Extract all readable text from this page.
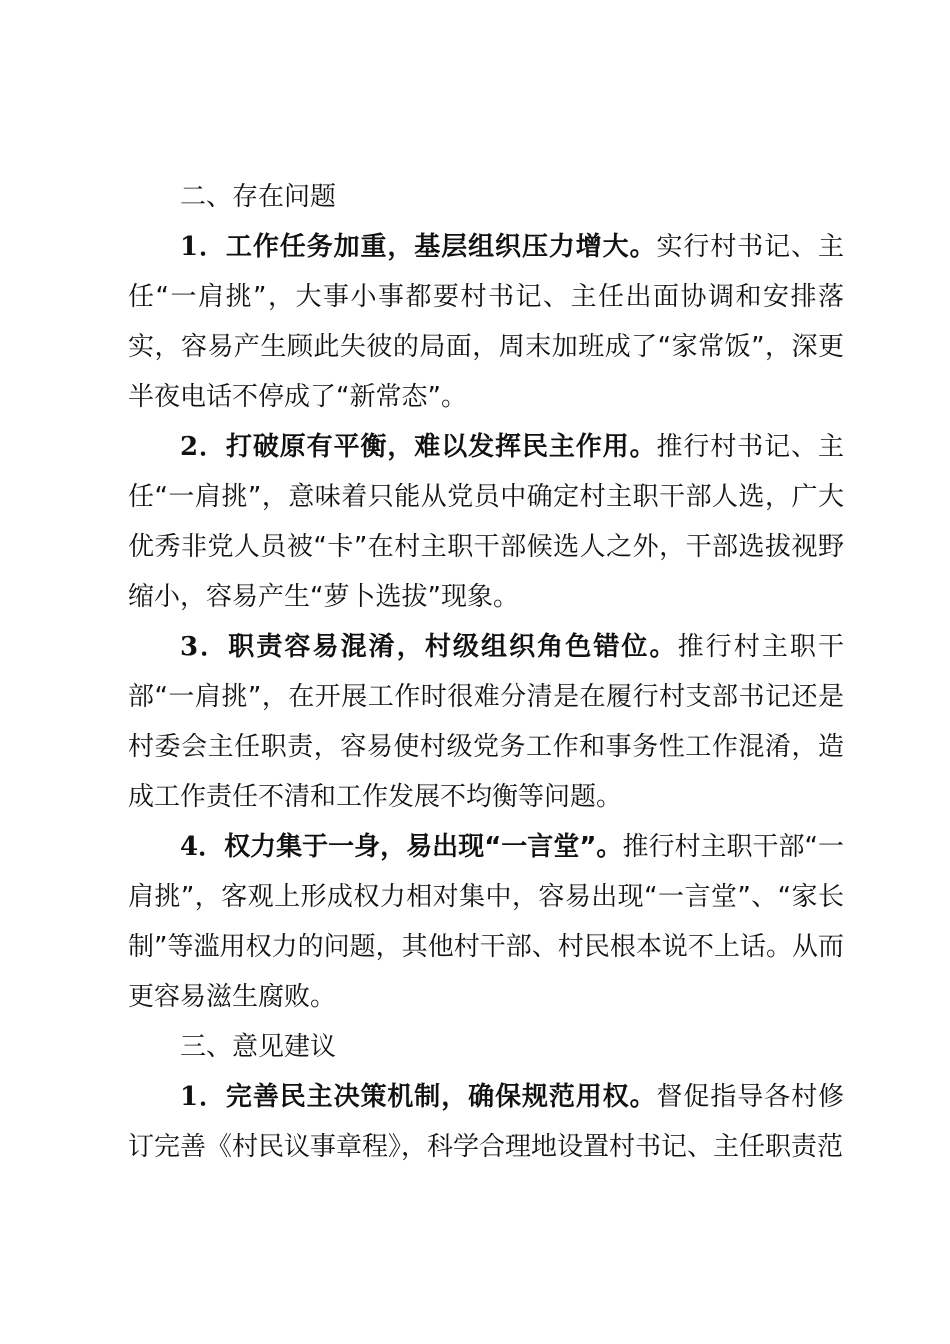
二、存在问题

1．工作任务加重，基层组织压力增大。实行村书记、主任“一肩挑”，大事小事都要村书记、主任出面协调和安排落实，容易产生顾此失彼的局面，周末加班成了“家常饭”，深更半夜电话不停成了“新常态”。

2．打破原有平衡，难以发挥民主作用。推行村书记、主任“一肩挑”，意味着只能从党员中确定村主职干部人选，广大优秀非党人员被“卡”在村主职干部候选人之外，干部选拔视野缩小，容易产生“萝卜选拔”现象。

3．职责容易混淆，村级组织角色错位。推行村主职干部“一肩挑”，在开展工作时很难分清是在履行村支部书记还是村委会主任职责，容易使村级党务工作和事务性工作混淆，造成工作责任不清和工作发展不均衡等问题。

4．权力集于一身，易出现“一言堂”。推行村主职干部“一肩挑”，客观上形成权力相对集中，容易出现“一言堂”、“家长制”等滥用权力的问题，其他村干部、村民根本说不上话。从而更容易滋生腐败。

三、意见建议

1．完善民主决策机制，确保规范用权。督促指导各村修订完善《村民议事章程》，科学合理地设置村书记、主任职责范
